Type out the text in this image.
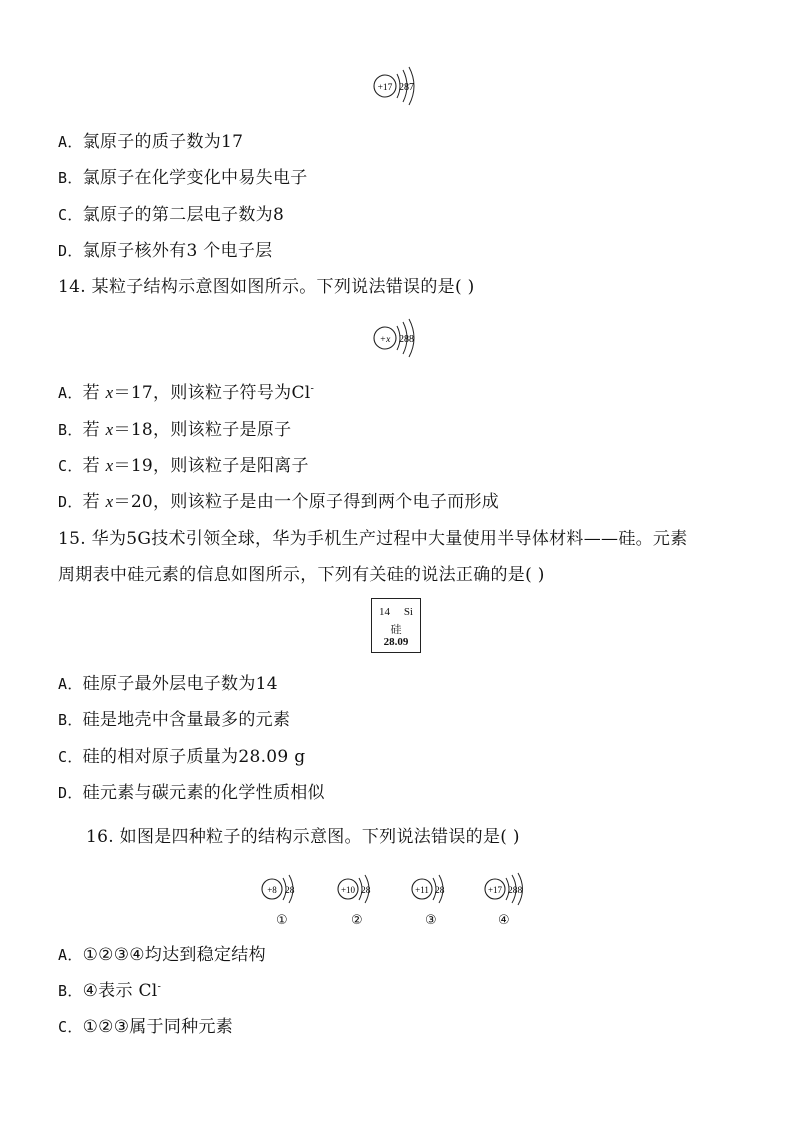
+17 287
A．氯原子的质子数为17
B．氯原子在化学变化中易失电子
C．氯原子的第二层电子数为8
D．氯原子核外有3 个电子层
14. 某粒子结构示意图如图所示。下列说法错误的是( )
+x 288
A．若 x＝17，则该粒子符号为Cl-
B．若 x＝18，则该粒子是原子
C．若 x＝19，则该粒子是阳离子
D．若 x＝20，则该粒子是由一个原子得到两个电子而形成
15. 华为5G技术引领全球，华为手机生产过程中大量使用半导体材料——硅。元素
周期表中硅元素的信息如图所示，下列有关硅的说法正确的是( )
14 Si
硅
28.09
A．硅原子最外层电子数为14
B．硅是地壳中含量最多的元素
C．硅的相对原子质量为28.09 g
D．硅元素与碳元素的化学性质相似
16. 如图是四种粒子的结构示意图。下列说法错误的是( )
+8 28	+10 28	+11 28	+17 288
①	②	③	④
A．①②③④均达到稳定结构
B．④表示 Cl-
C．①②③属于同种元素
